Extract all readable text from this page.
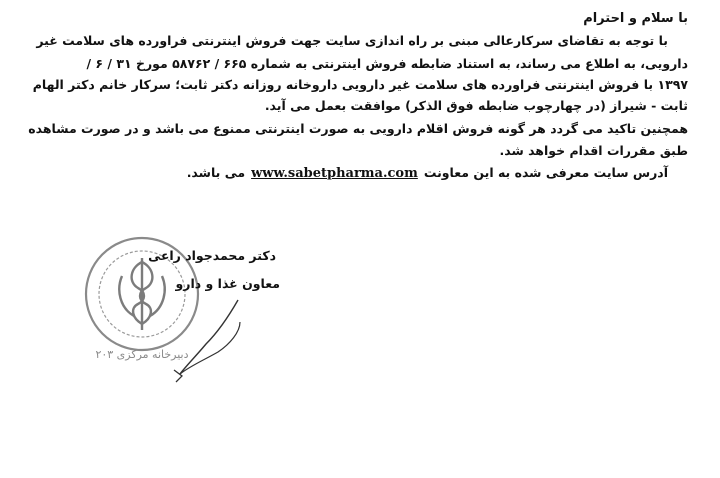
با سلام و احترام
با توجه به تقاضای سرکارعالی مبنی بر راه اندازی سایت جهت فروش اینترنتی فراورده های سلامت غیر
دارویی، به اطلاع می رساند، به استناد ضابطه فروش اینترنتی به شماره ۶۶۵ / ۵۸۷۶۲ مورخ ۳۱ / ۶ /
۱۳۹۷ با فروش اینترنتی فراورده های سلامت غیر دارویی داروخانه روزانه دکتر ثابت؛ سرکار خانم دکتر الهام
ثابت - شیراز (در چهارچوب ضابطه فوق الذکر) موافقت بعمل می آید.
همچنین تاکید می گردد هر گونه فروش اقلام دارویی به صورت اینترنتی ممنوع می باشد و در صورت مشاهده
طبق مقررات اقدام خواهد شد.
آدرس سایت معرفی شده به این معاونت
www.sabetpharma.com
می باشد.
دبیرخانه مرکزی ۲۰۳
دکتر محمدجواد راعی
معاون غذا و دارو
